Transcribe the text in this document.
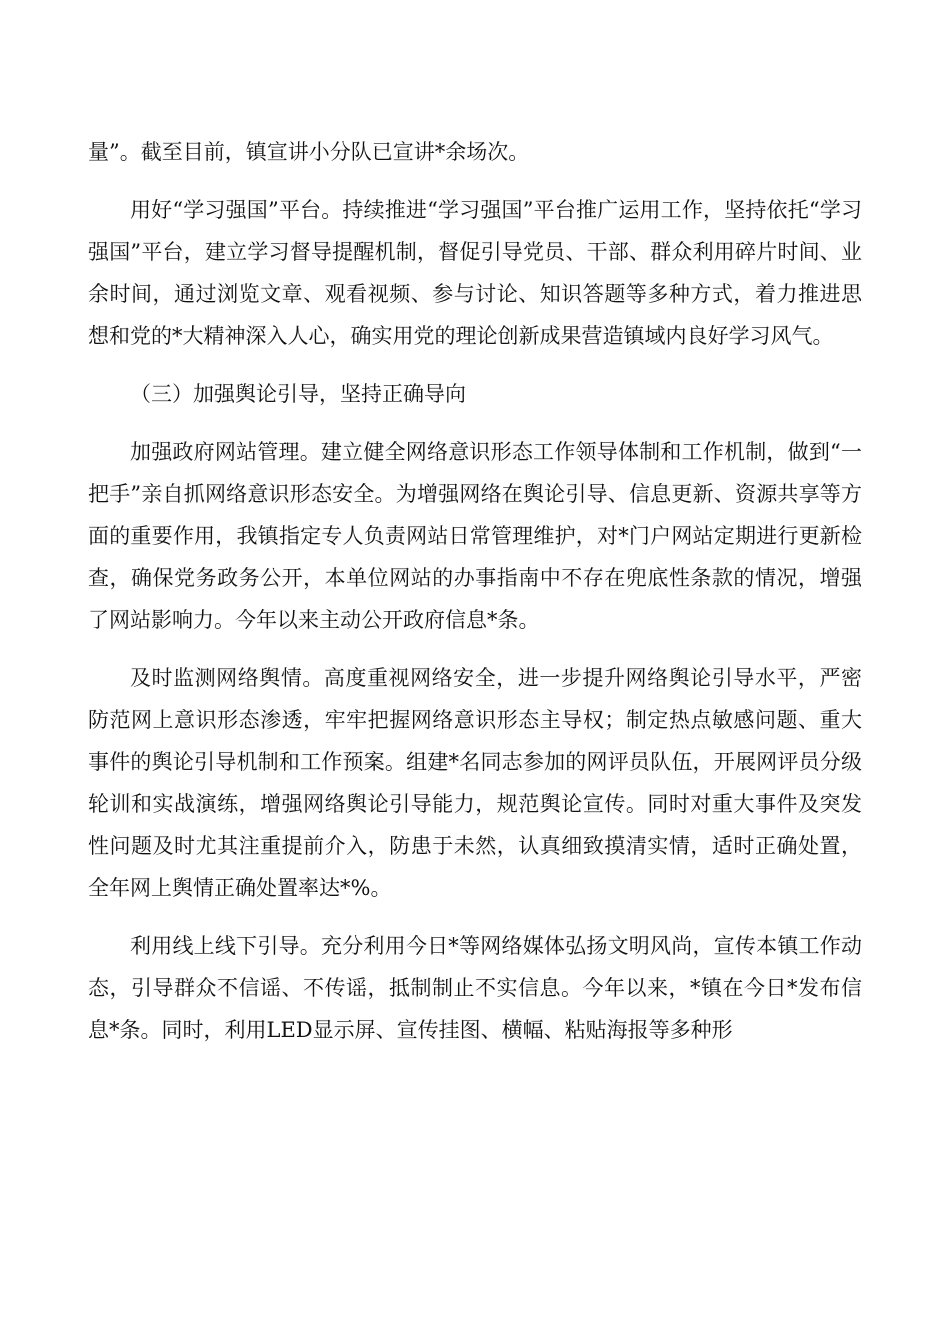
量”。截至目前，镇宣讲小分队已宣讲*余场次。

用好“学习强国”平台。持续推进“学习强国”平台推广运用工作，坚持依托“学习强国”平台，建立学习督导提醒机制，督促引导党员、干部、群众利用碎片时间、业余时间，通过浏览文章、观看视频、参与讨论、知识答题等多种方式，着力推进思想和党的*大精神深入人心，确实用党的理论创新成果营造镇域内良好学习风气。

（三）加强舆论引导，坚持正确导向

加强政府网站管理。建立健全网络意识形态工作领导体制和工作机制，做到“一把手”亲自抓网络意识形态安全。为增强网络在舆论引导、信息更新、资源共享等方面的重要作用，我镇指定专人负责网站日常管理维护，对*门户网站定期进行更新检查，确保党务政务公开，本单位网站的办事指南中不存在兜底性条款的情况，增强了网站影响力。今年以来主动公开政府信息*条。

及时监测网络舆情。高度重视网络安全，进一步提升网络舆论引导水平，严密防范网上意识形态渗透，牢牢把握网络意识形态主导权；制定热点敏感问题、重大事件的舆论引导机制和工作预案。组建*名同志参加的网评员队伍，开展网评员分级轮训和实战演练，增强网络舆论引导能力，规范舆论宣传。同时对重大事件及突发性问题及时尤其注重提前介入，防患于未然，认真细致摸清实情，适时正确处置，全年网上舆情正确处置率达*%。

利用线上线下引导。充分利用今日*等网络媒体弘扬文明风尚，宣传本镇工作动态，引导群众不信谣、不传谣，抵制制止不实信息。今年以来，*镇在今日*发布信息*条。同时，利用LED显示屏、宣传挂图、横幅、粘贴海报等多种形
